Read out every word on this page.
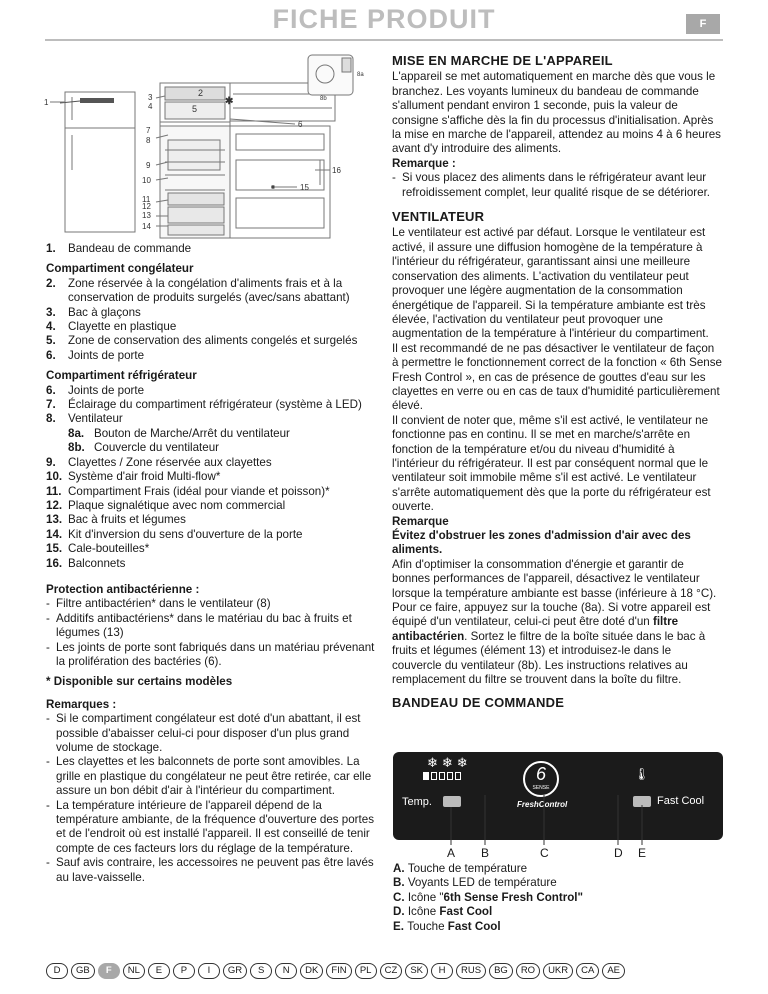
FICHE PRODUIT	F
✱
1
2
3
4	5
6
7
8
9
10
11
12
13
14
15
16
8a
8b
1.	Bandeau de commande
Compartiment congélateur
2.	Zone réservée à la congélation d'aliments frais et à la conservation de produits surgelés (avec/sans abattant)
3.	Bac à glaçons
4.	Clayette en plastique
5.	Zone de conservation des aliments congelés et surgelés
6.	Joints de porte
Compartiment réfrigérateur
6.	Joints de porte
7.	Éclairage du compartiment réfrigérateur (système à LED)
8.	Ventilateur
8a. Bouton de Marche/Arrêt du ventilateur
8b. Couvercle du ventilateur
9.	Clayettes / Zone réservée aux clayettes
10. Système d'air froid Multi-flow*
11. Compartiment Frais (idéal pour viande et poisson)*
12. Plaque signalétique avec nom commercial
13. Bac à fruits et légumes
14. Kit d'inversion du sens d'ouverture de la porte
15. Cale-bouteilles*
16. Balconnets
Protection antibactérienne :
- Filtre antibactérien* dans le ventilateur (8)
- Additifs antibactériens* dans le matériau du bac à fruits et légumes (13)
- Les joints de porte sont fabriqués dans un matériau prévenant la prolifération des bactéries (6).
* Disponible sur certains modèles
Remarques :
- Si le compartiment congélateur est doté d'un abattant, il est possible d'abaisser celui-ci pour disposer d'un plus grand volume de stockage.
- Les clayettes et les balconnets de porte sont amovibles. La grille en plastique du congélateur ne peut être retirée, car elle assure un bon débit d'air à l'intérieur du compartiment.
- La température intérieure de l'appareil dépend de la température ambiante, de la fréquence d'ouverture des portes et de l'endroit où est installé l'appareil. Il est conseillé de tenir compte de ces facteurs lors du réglage de la température.
- Sauf avis contraire, les accessoires ne peuvent pas être lavés au lave-vaisselle.
MISE EN MARCHE DE L'APPAREIL
L'appareil se met automatiquement en marche dès que vous le branchez. Les voyants lumineux du bandeau de commande s'allument pendant environ 1 seconde, puis la valeur de consigne s'affiche dès la fin du processus d'initialisation. Après la mise en marche de l'appareil, attendez au moins 4 à 6 heures avant d'y introduire des aliments.
Remarque :
- Si vous placez des aliments dans le réfrigérateur avant leur refroidissement complet, leur qualité risque de se détériorer.
VENTILATEUR
Le ventilateur est activé par défaut. Lorsque le ventilateur est activé, il assure une diffusion homogène de la température à l'intérieur du réfrigérateur, garantissant ainsi une meilleure conservation des aliments. L'activation du ventilateur peut provoquer une légère augmentation de la consommation énergétique de l'appareil. Si la température ambiante est très élevée, l'activation du ventilateur peut provoquer une augmentation de la température à l'intérieur du compartiment.
Il est recommandé de ne pas désactiver le ventilateur de façon à permettre le fonctionnement correct de la fonction « 6th Sense Fresh Control », en cas de présence de gouttes d'eau sur les clayettes en verre ou en cas de taux d'humidité particulièrement élevé.
Il convient de noter que, même s'il est activé, le ventilateur ne fonctionne pas en continu. Il se met en marche/s'arrête en fonction de la température et/ou du niveau d'humidité à l'intérieur du réfrigérateur. Il est par conséquent normal que le ventilateur soit immobile même s'il est activé. Le ventilateur s'arrête automatiquement dès que la porte du réfrigérateur est ouverte.
Remarque
Évitez d'obstruer les zones d'admission d'air avec des aliments.
Afin d'optimiser la consommation d'énergie et garantir de bonnes performances de l'appareil, désactivez le ventilateur lorsque la température ambiante est basse (inférieure à 18 °C). Pour ce faire, appuyez sur la touche (8a). Si votre appareil est équipé d'un ventilateur, celui-ci peut être doté d'un filtre antibactérien. Sortez le filtre de la boîte située dans le bac à fruits et légumes (élément 13) et introduisez-le dans le couvercle du ventilateur (8b). Les instructions relatives au remplacement du filtre se trouvent dans la boîte du filtre.
BANDEAU DE COMMANDE
❄❄❄
Temp.
6
SENSE
FreshControl
🌡︎
Fast Cool
A B	C	D E
A. Touche de température
B. Voyants LED de température
C. Icône "6th Sense Fresh Control"
D. Icône Fast Cool
E. Touche Fast Cool
D	GB	F	NL	E	P	I	GR	S	N	DK	FIN	PL	CZ	SK	H	RUS	BG	RO	UKR	CA	AE
